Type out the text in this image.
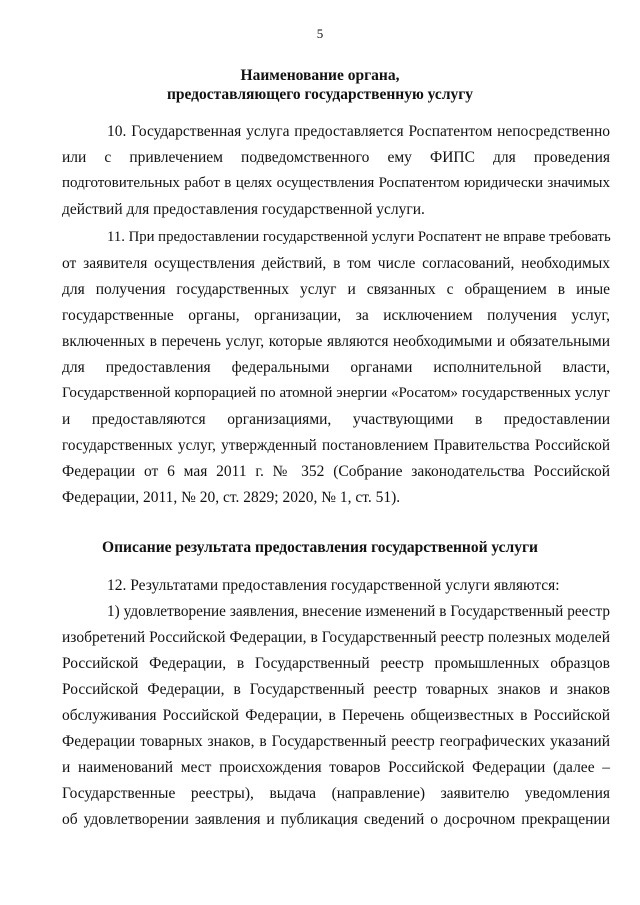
5
Наименование органа,
предоставляющего государственную услугу
10. Государственная услуга предоставляется Роспатентом непосредственно
или с привлечением подведомственного ему ФИПС для проведения
подготовительных работ в целях осуществления Роспатентом юридически значимых
действий для предоставления государственной услуги.
11. При предоставлении государственной услуги Роспатент не вправе требовать
от заявителя осуществления действий, в том числе согласований, необходимых
для получения государственных услуг и связанных с обращением в иные
государственные органы, организации, за исключением получения услуг,
включенных в перечень услуг, которые являются необходимыми и обязательными
для предоставления федеральными органами исполнительной власти,
Государственной корпорацией по атомной энергии «Росатом» государственных услуг
и предоставляются организациями, участвующими в предоставлении
государственных услуг, утвержденный постановлением Правительства Российской
Федерации от 6 мая 2011 г. № 352 (Собрание законодательства Российской
Федерации, 2011, № 20, ст. 2829; 2020, № 1, ст. 51).
Описание результата предоставления государственной услуги
12. Результатами предоставления государственной услуги являются:
1) удовлетворение заявления, внесение изменений в Государственный реестр
изобретений Российской Федерации, в Государственный реестр полезных моделей
Российской Федерации, в Государственный реестр промышленных образцов
Российской Федерации, в Государственный реестр товарных знаков и знаков
обслуживания Российской Федерации, в Перечень общеизвестных в Российской
Федерации товарных знаков, в Государственный реестр географических указаний
и наименований мест происхождения товаров Российской Федерации (далее –
Государственные реестры), выдача (направление) заявителю уведомления
об удовлетворении заявления и публикация сведений о досрочном прекращении
